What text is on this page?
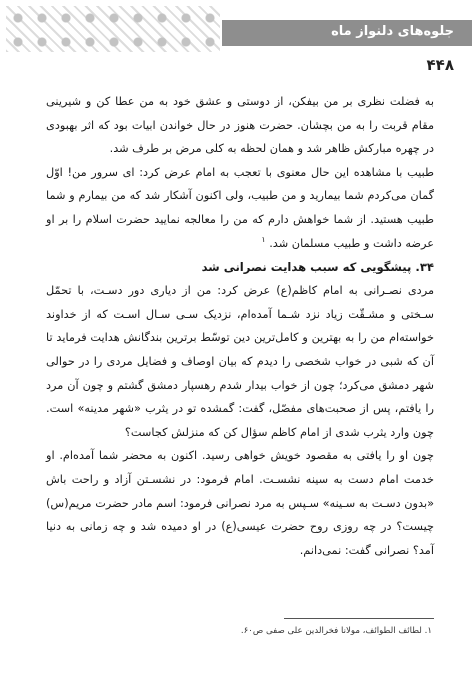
جلوه‌های دلنواز ماه
۴۴۸

به فضلت نظری بر من بیفکن، از دوستی و عشق خود به من عطا کن و شیرینی مقام قربت را به من بچشان. حضرت هنوز در حال خواندن ابیات بود که اثر بهبودی در چهره مبارکش ظاهر شد و همان لحظه به کلی مرض بر طرف شد.

طبیب با مشاهده این حال معنوی با تعجب به امام عرض کرد: ای سرور من! اوّل گمان می‌کردم شما بیمارید و من طبیب، ولی اکنون آشکار شد که من بیمارم و شما طبیب هستید. از شما خواهش دارم که من را معالجه نمایید حضرت اسلام را بر او عرضه داشت و طبیب مسلمان شد. $^۱$

۳۴. پیشگویی که سبب هدایت نصرانی شد

مردی نصـرانی به امام کاظم(ع) عرض کرد: من از دیاری دور دسـت، با تحمّل سـختی و مشـقّت زیاد نزد شـما آمده‌ام، نزدیک سـی سـال اسـت که از خداوند خواسته‌ام من را به بهترین و کامل‌ترین دین توسّط برترین بندگانش هدایت فرماید تا آن که شبی در خواب شخصی را دیدم که بیان اوصاف و فضایل مردی را در حوالی شهر دمشق می‌کرد؛ چون از خواب بیدار شدم رهسپار دمشق گشتم و چون آن مرد را یافتم، پس از صحبت‌های مفصّل، گفت: گمشده تو در یثرب «شهر مدینه» است. چون وارد یثرب شدی از امام کاظم سؤال کن که منزلش کجاست؟

چون او را یافتی به مقصود خویش خواهی رسید. اکنون به محضر شما آمده‌ام. او خدمت امام دست به سینه نشسـت. امام فرمود: در نشسـتن آزاد و راحت باش «بدون دسـت به سـینه» سـپس به مرد نصرانی فرمود: اسم مادر حضرت مریم(س) چیست؟ در چه روزی روح حضرت عیسی(ع) در او دمیده شد و چه زمانی به دنیا آمد؟ نصرانی گفت: نمی‌دانم.

۱. لطائف الطوائف، مولانا فخرالدین علی صفی ص۶۰.
